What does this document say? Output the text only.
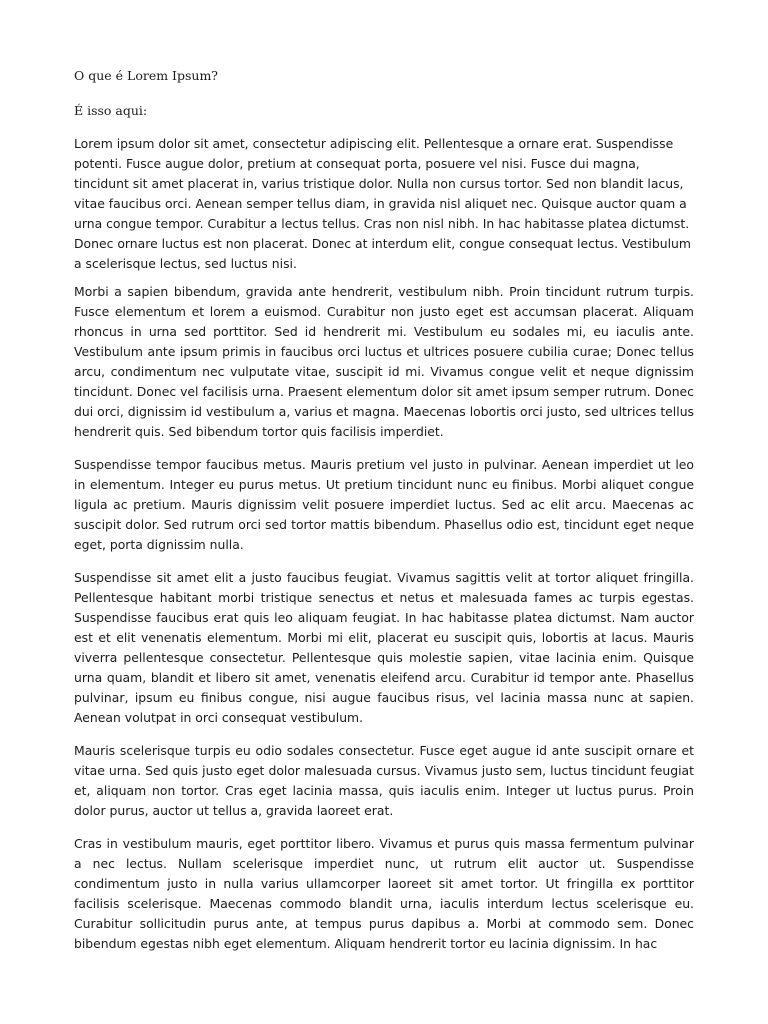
O que é Lorem Ipsum?

É isso aqui:

Lorem ipsum dolor sit amet, consectetur adipiscing elit. Pellentesque a ornare erat. Suspendisse potenti. Fusce augue dolor, pretium at consequat porta, posuere vel nisi. Fusce dui magna, tincidunt sit amet placerat in, varius tristique dolor. Nulla non cursus tortor. Sed non blandit lacus, vitae faucibus orci. Aenean semper tellus diam, in gravida nisl aliquet nec. Quisque auctor quam a urna congue tempor. Curabitur a lectus tellus. Cras non nisl nibh. In hac habitasse platea dictumst. Donec ornare luctus est non placerat. Donec at interdum elit, congue consequat lectus. Vestibulum a scelerisque lectus, sed luctus nisi.

Morbi a sapien bibendum, gravida ante hendrerit, vestibulum nibh. Proin tincidunt rutrum turpis. Fusce elementum et lorem a euismod. Curabitur non justo eget est accumsan placerat. Aliquam rhoncus in urna sed porttitor. Sed id hendrerit mi. Vestibulum eu sodales mi, eu iaculis ante. Vestibulum ante ipsum primis in faucibus orci luctus et ultrices posuere cubilia curae; Donec tellus arcu, condimentum nec vulputate vitae, suscipit id mi. Vivamus congue velit et neque dignissim tincidunt. Donec vel facilisis urna. Praesent elementum dolor sit amet ipsum semper rutrum. Donec dui orci, dignissim id vestibulum a, varius et magna. Maecenas lobortis orci justo, sed ultrices tellus hendrerit quis. Sed bibendum tortor quis facilisis imperdiet.

Suspendisse tempor faucibus metus. Mauris pretium vel justo in pulvinar. Aenean imperdiet ut leo in elementum. Integer eu purus metus. Ut pretium tincidunt nunc eu finibus. Morbi aliquet congue ligula ac pretium. Mauris dignissim velit posuere imperdiet luctus. Sed ac elit arcu. Maecenas ac suscipit dolor. Sed rutrum orci sed tortor mattis bibendum. Phasellus odio est, tincidunt eget neque eget, porta dignissim nulla.

Suspendisse sit amet elit a justo faucibus feugiat. Vivamus sagittis velit at tortor aliquet fringilla. Pellentesque habitant morbi tristique senectus et netus et malesuada fames ac turpis egestas. Suspendisse faucibus erat quis leo aliquam feugiat. In hac habitasse platea dictumst. Nam auctor est et elit venenatis elementum. Morbi mi elit, placerat eu suscipit quis, lobortis at lacus. Mauris viverra pellentesque consectetur. Pellentesque quis molestie sapien, vitae lacinia enim. Quisque urna quam, blandit et libero sit amet, venenatis eleifend arcu. Curabitur id tempor ante. Phasellus pulvinar, ipsum eu finibus congue, nisi augue faucibus risus, vel lacinia massa nunc at sapien. Aenean volutpat in orci consequat vestibulum.

Mauris scelerisque turpis eu odio sodales consectetur. Fusce eget augue id ante suscipit ornare et vitae urna. Sed quis justo eget dolor malesuada cursus. Vivamus justo sem, luctus tincidunt feugiat et, aliquam non tortor. Cras eget lacinia massa, quis iaculis enim. Integer ut luctus purus. Proin dolor purus, auctor ut tellus a, gravida laoreet erat.

Cras in vestibulum mauris, eget porttitor libero. Vivamus et purus quis massa fermentum pulvinar a nec lectus. Nullam scelerisque imperdiet nunc, ut rutrum elit auctor ut. Suspendisse condimentum justo in nulla varius ullamcorper laoreet sit amet tortor. Ut fringilla ex porttitor facilisis scelerisque. Maecenas commodo blandit urna, iaculis interdum lectus scelerisque eu. Curabitur sollicitudin purus ante, at tempus purus dapibus a. Morbi at commodo sem. Donec bibendum egestas nibh eget elementum. Aliquam hendrerit tortor eu lacinia dignissim. In hac
